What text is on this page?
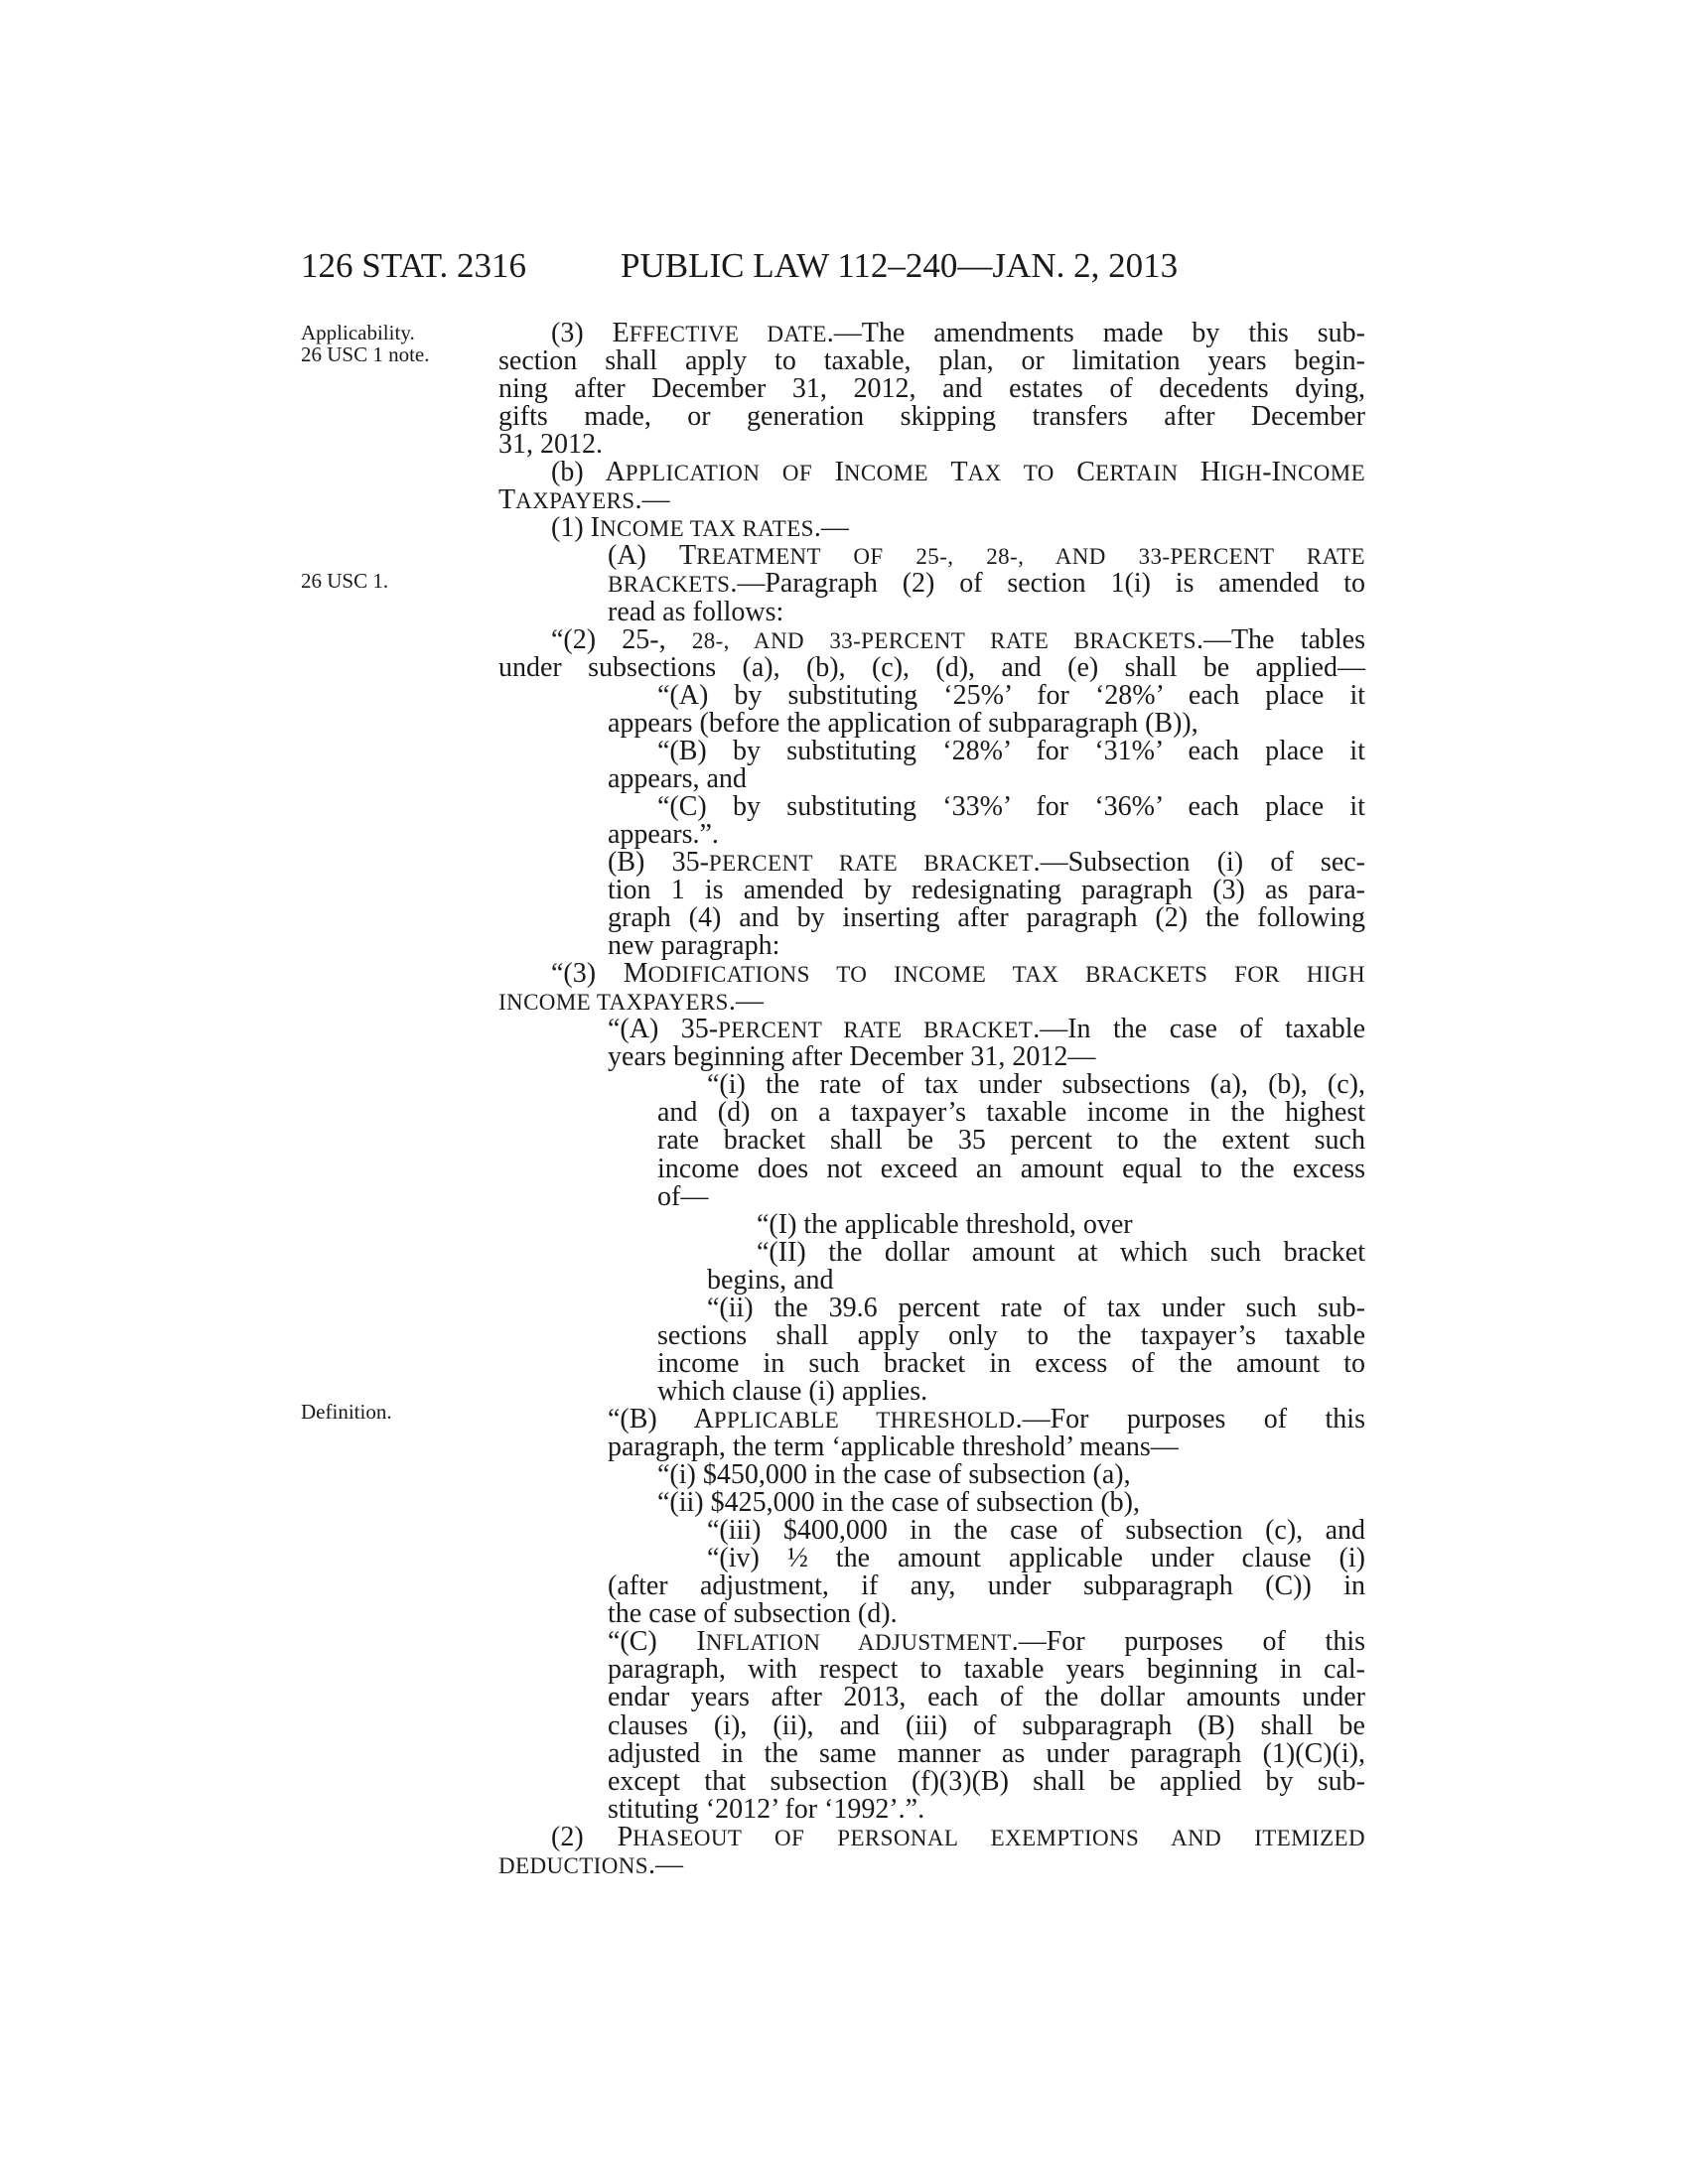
126 STAT. 2316	PUBLIC LAW 112–240—JAN. 2, 2013
Applicability.
26 USC 1 note.
26 USC 1.
Definition.
(3) EFFECTIVE DATE.—The amendments made by this sub-
section shall apply to taxable, plan, or limitation years begin-
ning after December 31, 2012, and estates of decedents dying,
gifts made, or generation skipping transfers after December
31, 2012.
(b) APPLICATION OF INCOME TAX TO CERTAIN HIGH-INCOME
TAXPAYERS.—
(1) INCOME TAX RATES.—
(A) TREATMENT OF 25-, 28-, AND 33-PERCENT RATE
BRACKETS.—Paragraph (2) of section 1(i) is amended to
read as follows:
“(2) 25-, 28-, AND 33-PERCENT RATE BRACKETS.—The tables
under subsections (a), (b), (c), (d), and (e) shall be applied—
“(A) by substituting ‘25%’ for ‘28%’ each place it
appears (before the application of subparagraph (B)),
“(B) by substituting ‘28%’ for ‘31%’ each place it
appears, and
“(C) by substituting ‘33%’ for ‘36%’ each place it
appears.”.
(B) 35-PERCENT RATE BRACKET.—Subsection (i) of sec-
tion 1 is amended by redesignating paragraph (3) as para-
graph (4) and by inserting after paragraph (2) the following
new paragraph:
“(3) MODIFICATIONS TO INCOME TAX BRACKETS FOR HIGH
INCOME TAXPAYERS.—
“(A) 35-PERCENT RATE BRACKET.—In the case of taxable
years beginning after December 31, 2012—
“(i) the rate of tax under subsections (a), (b), (c),
and (d) on a taxpayer’s taxable income in the highest
rate bracket shall be 35 percent to the extent such
income does not exceed an amount equal to the excess
of—
“(I) the applicable threshold, over
“(II) the dollar amount at which such bracket
begins, and
“(ii) the 39.6 percent rate of tax under such sub-
sections shall apply only to the taxpayer’s taxable
income in such bracket in excess of the amount to
which clause (i) applies.
“(B) APPLICABLE THRESHOLD.—For purposes of this
paragraph, the term ‘applicable threshold’ means—
“(i) $450,000 in the case of subsection (a),
“(ii) $425,000 in the case of subsection (b),
“(iii) $400,000 in the case of subsection (c), and
“(iv) ½ the amount applicable under clause (i)
(after adjustment, if any, under subparagraph (C)) in
the case of subsection (d).
“(C) INFLATION ADJUSTMENT.—For purposes of this
paragraph, with respect to taxable years beginning in cal-
endar years after 2013, each of the dollar amounts under
clauses (i), (ii), and (iii) of subparagraph (B) shall be
adjusted in the same manner as under paragraph (1)(C)(i),
except that subsection (f)(3)(B) shall be applied by sub-
stituting ‘2012’ for ‘1992’.”.
(2) PHASEOUT OF PERSONAL EXEMPTIONS AND ITEMIZED
DEDUCTIONS.—
